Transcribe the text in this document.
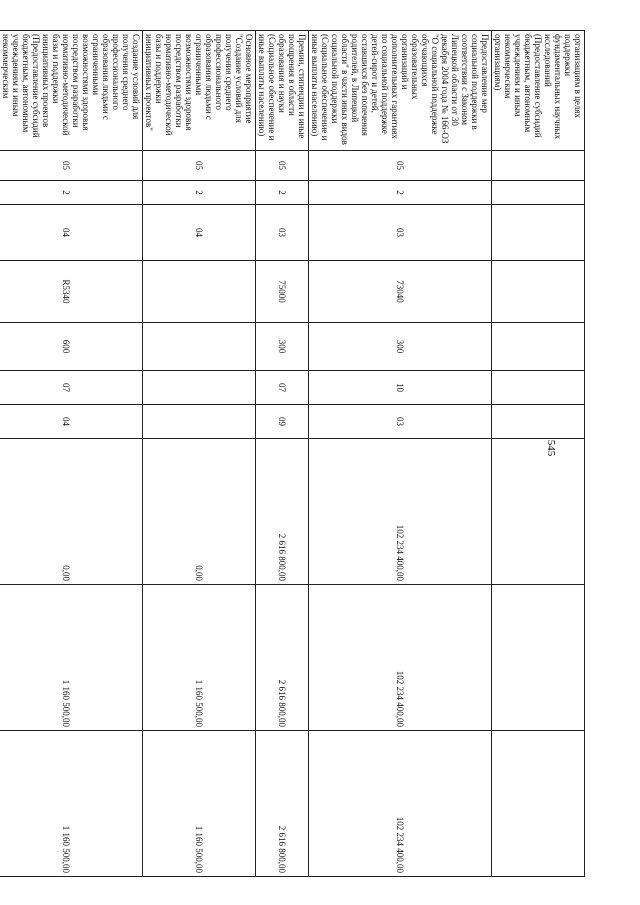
545
организациям в целях поддержки фундаментальных научных исследований (Предоставление субсидий бюджетным, автономным учреждениям и иным некоммерческим организациям)										
Предоставление мер социальной поддержки в соответствии с Законом Липецкой области от 30 декабря 2004 года № 166-ОЗ "О социальной поддержке обучающихся образовательных организаций и дополнительных гарантиях по социальной поддержке детей-сирот и детей, оставшихся без попечения родителей, в Липецкой области" в части иных видов социальной поддержки (Социальное обеспечение и иные выплаты населению)	05	2	03	73040	300	10	03	102 234 400,00	102 234 400,00	102 234 400,00
Премии, стипендии и иные поощрения в области образования и науки (Социальное обеспечение и иные выплаты населению)	05	2	03	75000	300	07	09	2 616 800,00	2 616 800,00	2 616 800,00
Основное мероприятие "Создание условий для получения среднего профессионального образования людьми с ограниченными возможностями здоровья посредством разработки нормативно-методической базы и поддержки инициативных проектов"	05	2	04					0,00	1 160 500,00	1 160 500,00
Создание условий для получения среднего профессионального образования людьми с ограниченными возможностями здоровья посредством разработки нормативно-методической базы и поддержки инициативных проектов (Предоставление субсидий бюджетным, автономным учреждениям и иным некоммерческим	05	2	04	R5340	600	07	04	0,00	1 160 500,00	1 160 500,00
